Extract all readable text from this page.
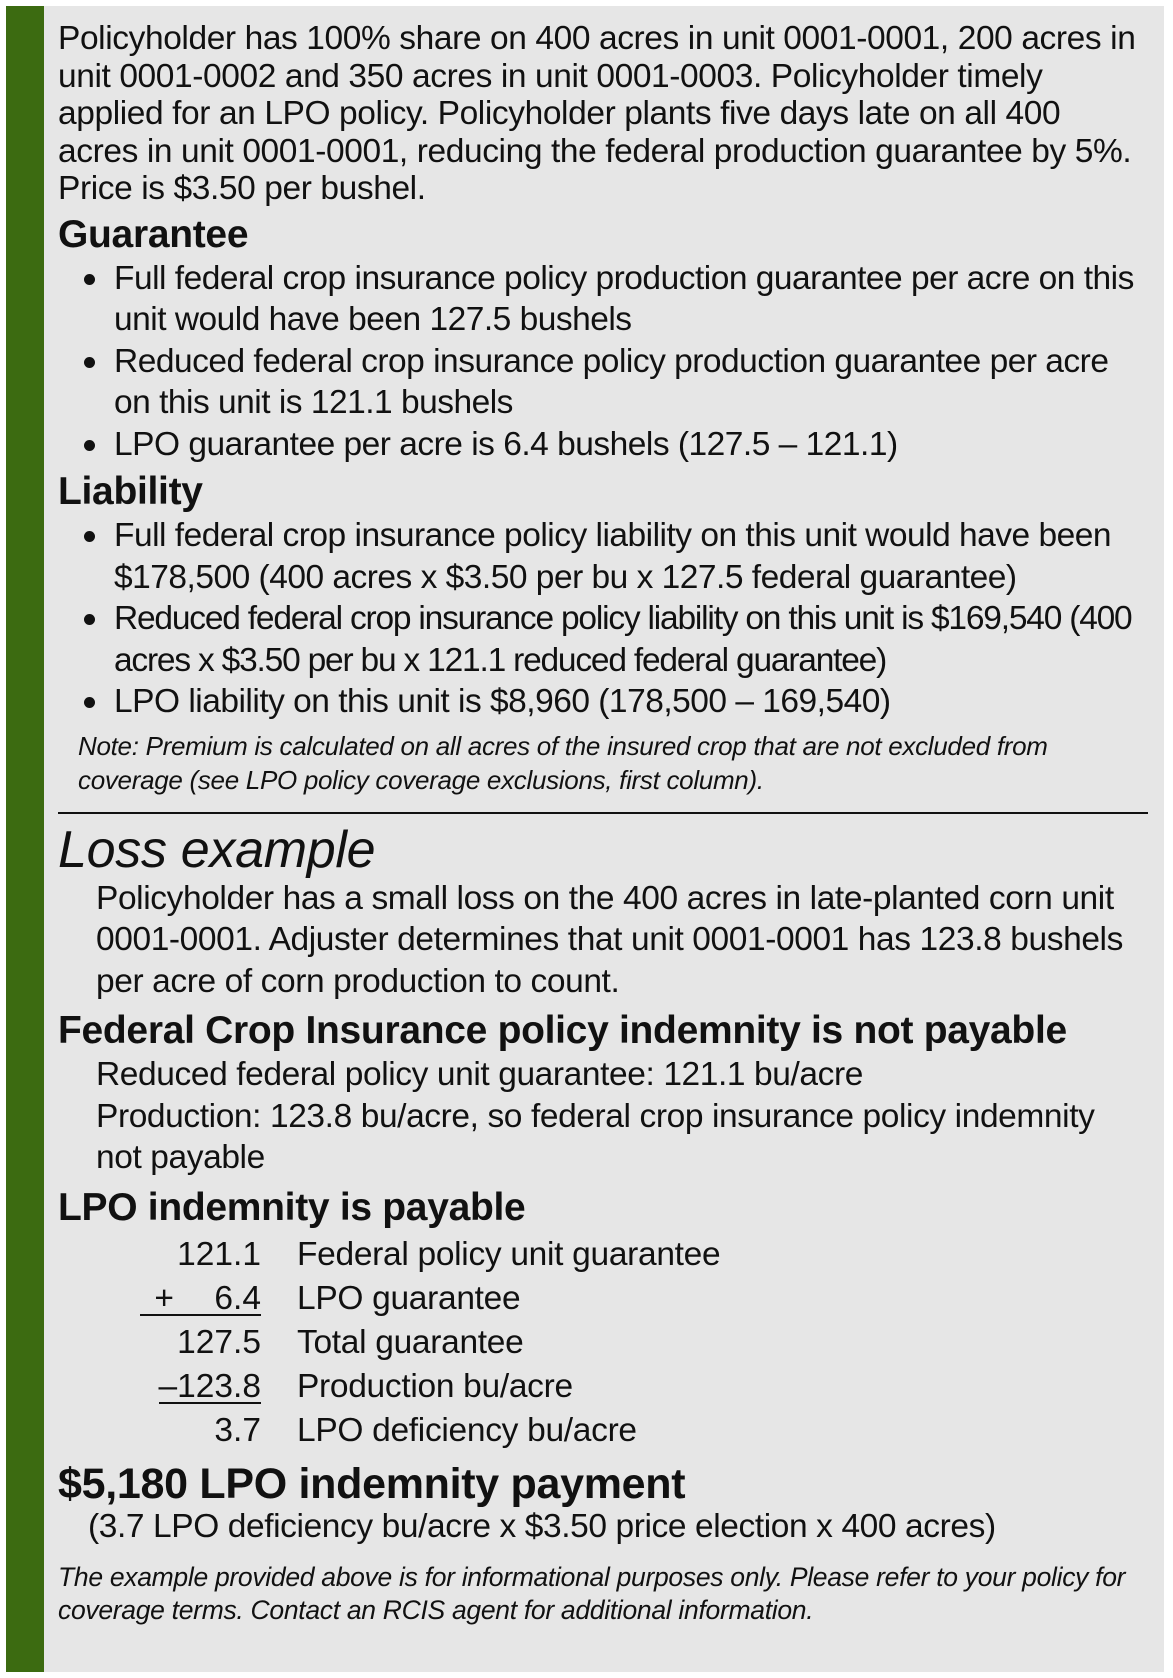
Policyholder has 100% share on 400 acres in unit 0001-0001, 200 acres in unit 0001-0002 and 350 acres in unit 0001-0003. Policyholder timely applied for an LPO policy. Policyholder plants five days late on all 400 acres in unit 0001-0001, reducing the federal production guarantee by 5%. Price is $3.50 per bushel.

Guarantee
Full federal crop insurance policy production guarantee per acre on this unit would have been 127.5 bushels
Reduced federal crop insurance policy production guarantee per acre on this unit is 121.1 bushels
LPO guarantee per acre is 6.4 bushels (127.5 – 121.1)
Liability
Full federal crop insurance policy liability on this unit would have been $178,500 (400 acres x $3.50 per bu x 127.5 federal guarantee)
Reduced federal crop insurance policy liability on this unit is $169,540 (400 acres x $3.50 per bu x 121.1 reduced federal guarantee)
LPO liability on this unit is $8,960 (178,500 – 169,540)

Note: Premium is calculated on all acres of the insured crop that are not excluded from coverage (see LPO policy coverage exclusions, first column).

Loss example

Policyholder has a small loss on the 400 acres in late-planted corn unit 0001-0001. Adjuster determines that unit 0001-0001 has 123.8 bushels per acre of corn production to count.

Federal Crop Insurance policy indemnity is not payable

Reduced federal policy unit guarantee: 121.1 bu/acre

Production: 123.8 bu/acre, so federal crop insurance policy indemnity not payable

LPO indemnity is payable
121.1 Federal policy unit guarantee
+ 6.4 LPO guarantee
127.5 Total guarantee
–123.8 Production bu/acre
3.7 LPO deficiency bu/acre
$5,180 LPO indemnity payment

(3.7 LPO deficiency bu/acre x $3.50 price election x 400 acres)

The example provided above is for informational purposes only. Please refer to your policy for coverage terms. Contact an RCIS agent for additional information.
